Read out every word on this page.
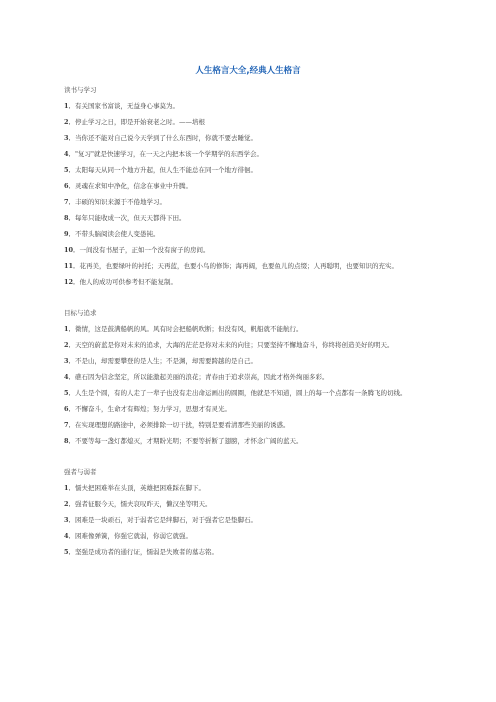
人生格言大全,经典人生格言
读书与学习

1．有关国家书富谈，无益身心事莫为。

2．停止学习之日，即是开始衰老之时。——培根

3．当你还不能对自己说今天学到了什么东西时，你就不要去睡觉。

4．"复习"就是快速学习，在一天之内把本该一个学期学的东西学会。

5．太阳每天从同一个地方升起，但人生不能总在同一个地方徘徊。

6．灵魂在求知中净化，信念在事业中升腾。

7．丰硕的知识来源于不倦地学习。

8．每年只能收成一次，但天天都得下田。

9．不带头脑阅读会使人变愚钝。

10．一间没有书屋子，正如一个没有窗子的房间。

11．花再美，也要绿叶的衬托；天再蓝，也要小鸟的修饰；海再阔，也要鱼儿的点缀；人再聪明，也要知识的充实。

12．他人的成功可供参考但不能复制。

目标与追求

1．微情，这是鼓满船帆的风。风有时会把船帆吹断；但没有风，帆船就不能航行。

2．天空的蔚蓝是你对未来的追求，大海的茫茫是你对未来的向往；只要坚持不懈地奋斗，你终将创造美好的明天。

3．不是山，却需要攀登的是人生；不是渊，却需要跨越的是自己。

4．礁石因为信念坚定，所以能激起美丽的浪花；青春由于追求崇高，因此才格外绚丽多彩。

5．人生是个圆，有的人走了一辈子也没有走出命运画出的圆圈，他就是不知道，圆上的每一个点都有一条腾飞的切线。

6．不懈奋斗，生命才有辉煌；努力学习，思想才有灵光。

7．在实现理想的路途中，必须排除一切干扰，特别是要看清那些美丽的诱惑。

8．不要等每一盏灯都熄灭，才期盼光明；不要等折断了翅膀，才怀念广阔的蓝天。

强者与弱者

1．懦夫把困难举在头顶，英雄把困难踩在脚下。

2．强者征服今天，懦夫哀叹昨天，懒汉坐等明天。

3．困难是一块顽石，对于弱者它是绊脚石，对于强者它是垫脚石。

4．困难像弹簧，你强它就弱，你弱它就强。

5．坚强是成功者的通行证，懦弱是失败者的墓志铭。
